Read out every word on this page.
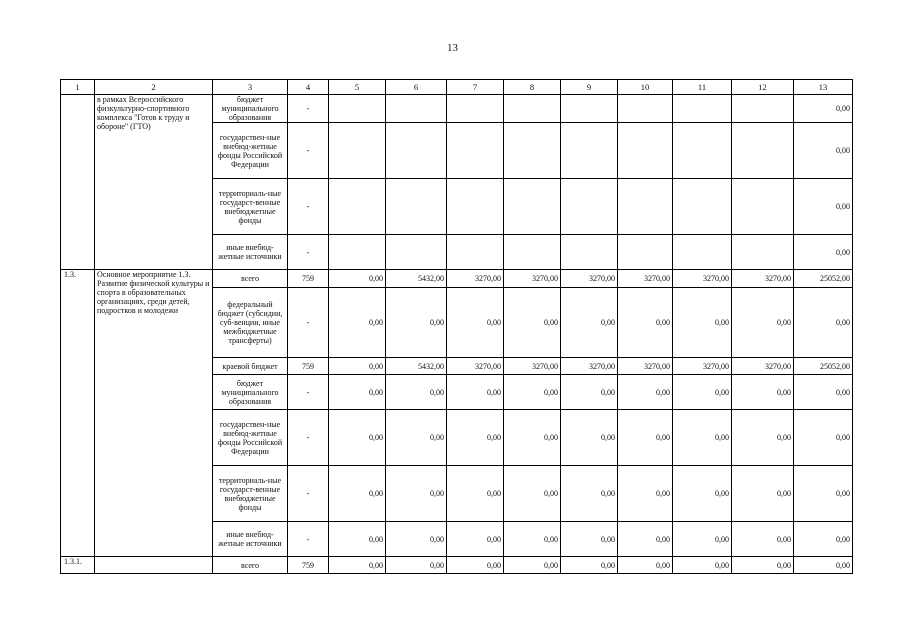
13
1	2	3	4	5	6	7	8	9	10	11	12	13
	в рамках Всероссийского физкультурно-спортивного комплекса "Готов к труду и обороне" (ГТО)	бюджет муниципального образования	-									0,00
		государствен-ные внебюд-жетные фонды Российской Федерации	-									0,00
		территориаль-ные государст-венные внебюджетные фонды	-									0,00
		иные внебюд-жетные источники	-									0,00
1.3.	Основное мероприятие 1.3. Развитие физической культуры и спорта в образовательных организациях, среди детей, подростков и молодежи	всего	759	0,00	5432,00	3270,00	3270,00	3270,00	3270,00	3270,00	3270,00	25052,00
		федеральный бюджет (субсидии, суб-венции, иные межбюджетные трансферты)	-	0,00	0,00	0,00	0,00	0,00	0,00	0,00	0,00	0,00
		краевой бюджет	759	0,00	5432,00	3270,00	3270,00	3270,00	3270,00	3270,00	3270,00	25052,00
		бюджет муниципального образования	-	0,00	0,00	0,00	0,00	0,00	0,00	0,00	0,00	0,00
		государствен-ные внебюд-жетные фонды Российской Федерации	-	0,00	0,00	0,00	0,00	0,00	0,00	0,00	0,00	0,00
		территориаль-ные государст-венные внебюджетные фонды	-	0,00	0,00	0,00	0,00	0,00	0,00	0,00	0,00	0,00
		иные внебюд-жетные источники	-	0,00	0,00	0,00	0,00	0,00	0,00	0,00	0,00	0,00
1.3.1.		всего	759	0,00	0,00	0,00	0,00	0,00	0,00	0,00	0,00	0,00
